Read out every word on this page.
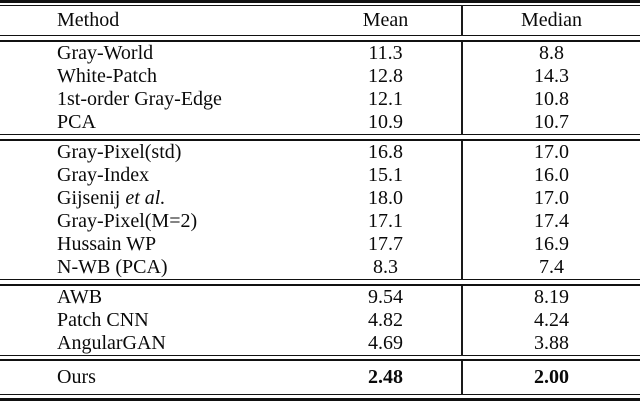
Method	Mean	Median

Gray-World	11.3	8.8
White-Patch	12.8	14.3
1st-order Gray-Edge	12.1	10.8
PCA	10.9	10.7

Gray-Pixel(std)	16.8	17.0
Gray-Index	15.1	16.0
Gijsenij et al.	18.0	17.0
Gray-Pixel(M=2)	17.1	17.4
Hussain WP	17.7	16.9
N-WB (PCA)	8.3	7.4

AWB	9.54	8.19
Patch CNN	4.82	4.24
AngularGAN	4.69	3.88

Ours	2.48	2.00
